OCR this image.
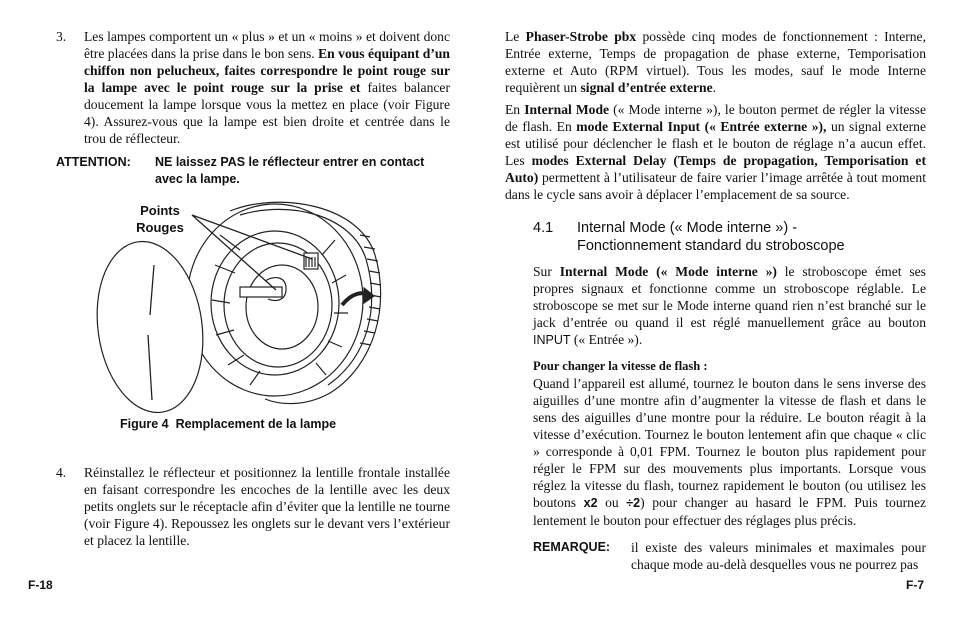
3. Les lampes comportent un « plus » et un « moins » et doivent donc être placées dans la prise dans le bon sens. En vous équipant d’un chiffon non pelucheux, faites correspondre le point rouge sur la lampe avec le point rouge sur la prise et faites balancer doucement la lampe lorsque vous la mettez en place (voir Figure 4). Assurez-vous que la lampe est bien droite et centrée dans le trou de réflecteur.
ATTENTION: NE laissez PAS le réflecteur entrer en contact avec la lampe.
Points Rouges
Figure 4  Remplacement de la lampe
4. Réinstallez le réflecteur et positionnez la lentille frontale installée en faisant correspondre les encoches de la lentille avec les deux petits onglets sur le réceptacle afin d’éviter que la lentille ne tourne (voir Figure 4). Repoussez les onglets sur le devant vers l’extérieur et placez la lentille.
F-18
Le Phaser-Strobe pbx possède cinq modes de fonctionnement : Interne, Entrée externe, Temps de propagation de phase externe, Temporisation externe et Auto (RPM virtuel). Tous les modes, sauf le mode Interne requièrent un signal d’entrée externe.
En Internal Mode (« Mode interne »), le bouton permet de régler la vitesse de flash. En mode External Input (« Entrée externe »), un signal externe est utilisé pour déclencher le flash et le bouton de réglage n’a aucun effet. Les modes External Delay (Temps de propagation, Temporisation et Auto) permettent à l’utilisateur de faire varier l’image arrêtée à tout moment dans le cycle sans avoir à déplacer l’emplacement de sa source.
4.1 Internal Mode (« Mode interne ») -
Fonctionnement standard du stroboscope
Sur Internal Mode (« Mode interne ») le stroboscope émet ses propres signaux et fonctionne comme un stroboscope réglable. Le stroboscope se met sur le Mode interne quand rien n’est branché sur le jack d’entrée ou quand il est réglé manuellement grâce au bouton INPUT (« Entrée »).
Pour changer la vitesse de flash :
Quand l’appareil est allumé, tournez le bouton dans le sens inverse des aiguilles d’une montre afin d’augmenter la vitesse de flash et dans le sens des aiguilles d’une montre pour la réduire. Le bouton réagit à la vitesse d’exécution. Tournez le bouton lentement afin que chaque « clic » corresponde à 0,01 FPM. Tournez le bouton plus rapidement pour régler le FPM sur des mouvements plus importants. Lorsque vous réglez la vitesse du flash, tournez rapidement le bouton (ou utilisez les boutons x2 ou ÷2) pour changer au hasard le FPM. Puis tournez lentement le bouton pour effectuer des réglages plus précis.
REMARQUE: il existe des valeurs minimales et maximales pour chaque mode au-delà desquelles vous ne pourrez pas
F-7
